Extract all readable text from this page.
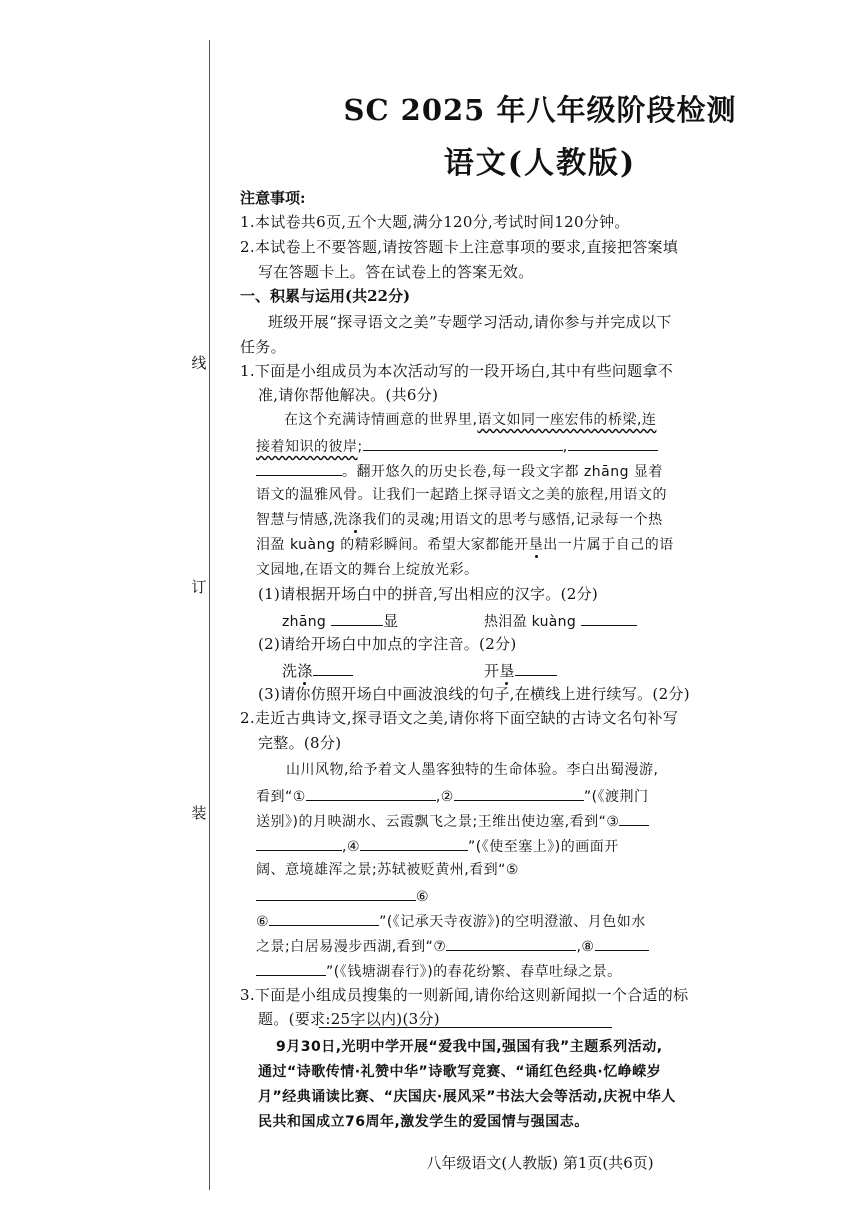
线
订
装
SC 2025 年八年级阶段检测
语文(人教版)
注意事项:
1.本试卷共6页,五个大题,满分120分,考试时间120分钟。
2.本试卷上不要答题,请按答题卡上注意事项的要求,直接把答案填
写在答题卡上。答在试卷上的答案无效。
一、积累与运用(共22分)
班级开展“探寻语文之美”专题学习活动,请你参与并完成以下
任务。
1.下面是小组成员为本次活动写的一段开场白,其中有些问题拿不
准,请你帮他解决。(共6分)
在这个充满诗情画意的世界里,语文如同一座宏伟的桥梁,连
接着知识的彼岸;	,
。翻开悠久的历史长卷,每一段文字都 zhāng 显着
语文的温雅风骨。让我们一起踏上探寻语文之美的旅程,用语文的
智慧与情感,洗涤我们的灵魂;用语文的思考与感悟,记录每一个热
泪盈 kuàng 的精彩瞬间。希望大家都能开垦出一片属于自己的语
文园地,在语文的舞台上绽放光彩。
(1)请根据开场白中的拼音,写出相应的汉字。(2分)
zhāng	显	热泪盈 kuàng
(2)请给开场白中加点的字注音。(2分)
洗涤	开垦
(3)请你仿照开场白中画波浪线的句子,在横线上进行续写。(2分)
2.走近古典诗文,探寻语文之美,请你将下面空缺的古诗文名句补写
完整。(8分)
山川风物,给予着文人墨客独特的生命体验。李白出蜀漫游,
看到“①	,②	”(《渡荆门
送别》)的月映湖水、云霞飘飞之景;王维出使边塞,看到“③
,④	”(《使至塞上》)的画面开
阔、意境雄浑之景;苏轼被贬黄州,看到“⑤
⑥
⑥	”(《记承天寺夜游》)的空明澄澈、月色如水
之景;白居易漫步西湖,看到“⑦	,⑧
”(《钱塘湖春行》)的春花纷繁、春草吐绿之景。
3.下面是小组成员搜集的一则新闻,请你给这则新闻拟一个合适的标
题。(要求:25字以内)(3分)
9月30日,光明中学开展“爱我中国,强国有我”主题系列活动,
通过“诗歌传情·礼赞中华”诗歌写竞赛、“诵红色经典·忆峥嵘岁
月”经典诵读比赛、“庆国庆·展风采”书法大会等活动,庆祝中华人
民共和国成立76周年,激发学生的爱国情与强国志。
八年级语文(人教版) 第1页(共6页)
